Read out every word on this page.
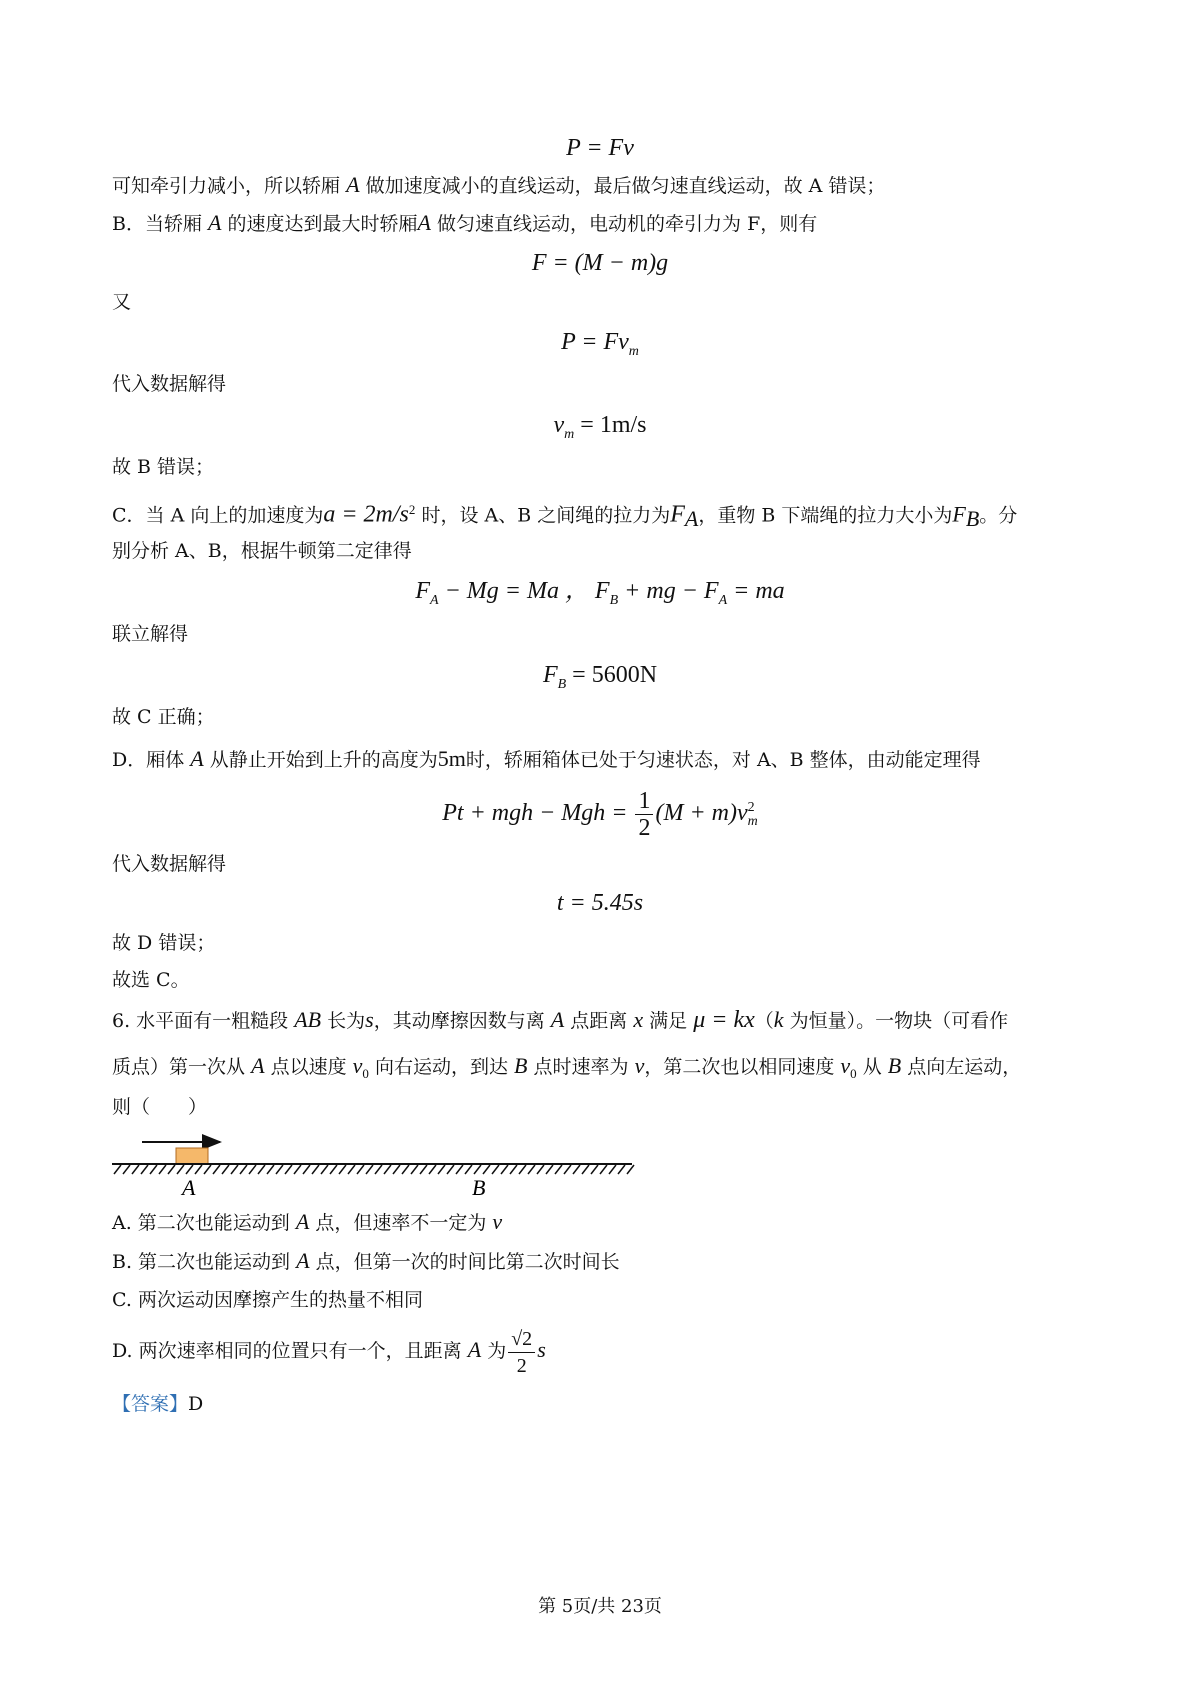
P = Fv
可知牵引力减小，所以轿厢 A 做加速度减小的直线运动，最后做匀速直线运动，故 A 错误；
B．当轿厢 A 的速度达到最大时轿厢A 做匀速直线运动，电动机的牵引力为 F，则有
F = (M − m)g
又
$P = Fv_m$
代入数据解得
$v_m = 1m/s$
故 B 错误；
C．当 A 向上的加速度为$a = 2m/s^2$ 时，设 A、B 之间绳的拉力为$F_A$，重物 B 下端绳的拉力大小为$F_B$。分
别分析 A、B，根据牛顿第二定律得
$F_A - Mg = Ma$ ， $F_B$ + mg − $F_A$ = ma
联立解得
$F_B = 5600N$
故 C 正确；
D．厢体 A 从静止开始到上升的高度为5m时，轿厢箱体已处于匀速状态，对 A、B 整体，由动能定理得
Pt + mgh − Mgh = $\frac{1}{2} (M + m)v$ 2
m
代入数据解得
t = 5.45s
故 D 错误；
故选 C。
6. 水平面有一粗糙段 AB 长为s，其动摩擦因数与离 A 点距离 x 满足 μ = kx（k 为恒量）。一物块（可看作
质点）第一次从 A 点以速度 $v_0$ 向右运动，到达 B 点时速率为 v，第二次也以相同速度 $v_0$ 从 B 点向左运动，
则（　　）
A	B
A. 第二次也能运动到 A 点，但速率不一定为 v
B. 第二次也能运动到 A 点，但第一次的时间比第二次时间长
C. 两次运动因摩擦产生的热量不相同
D. 两次速率相同的位置只有一个，且距离 A 为 $\frac{√2}{2}$ s
【答案】D
第 5页/共 23页
